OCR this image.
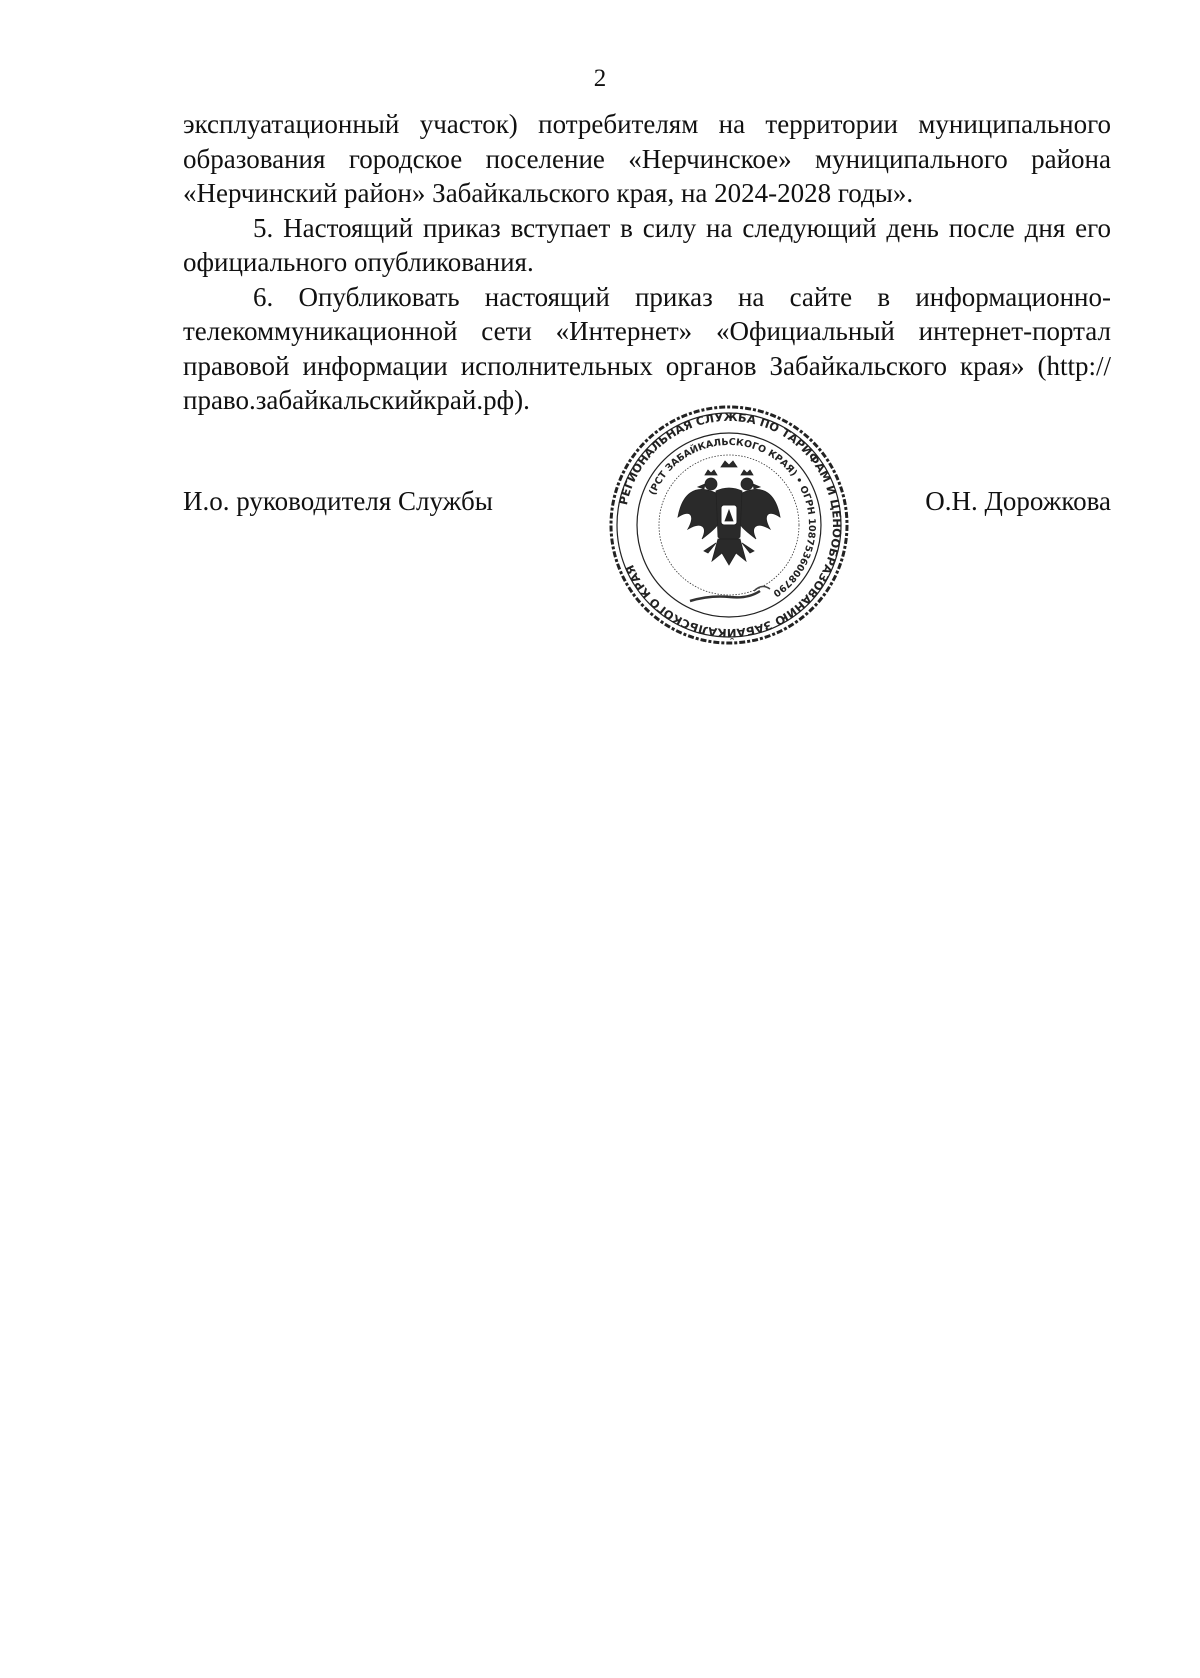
2

эксплуатационный участок) потребителям на территории муниципального образования городское поселение «Нерчинское» муниципального района «Нерчинский район» Забайкальского края, на 2024-2028 годы».

5. Настоящий приказ вступает в силу на следующий день после дня его официального опубликования.

6. Опубликовать настоящий приказ на сайте в информационно-телекоммуникационной сети «Интернет» «Официальный интернет-портал правовой информации исполнительных органов Забайкальского края» (http://право.забайкальскийкрай.рф).

И.о. руководителя Службы	РЕГИОНАЛЬНАЯ СЛУЖБА ПО ТАРИФАМ И ЦЕНООБРАЗОВАНИЮ ЗАБАЙКАЛЬСКОГО КРАЯ
(РСТ ЗАБАЙКАЛЬСКОГО КРАЯ) • ОГРН 1087536008790
О.Н. Дорожкова
